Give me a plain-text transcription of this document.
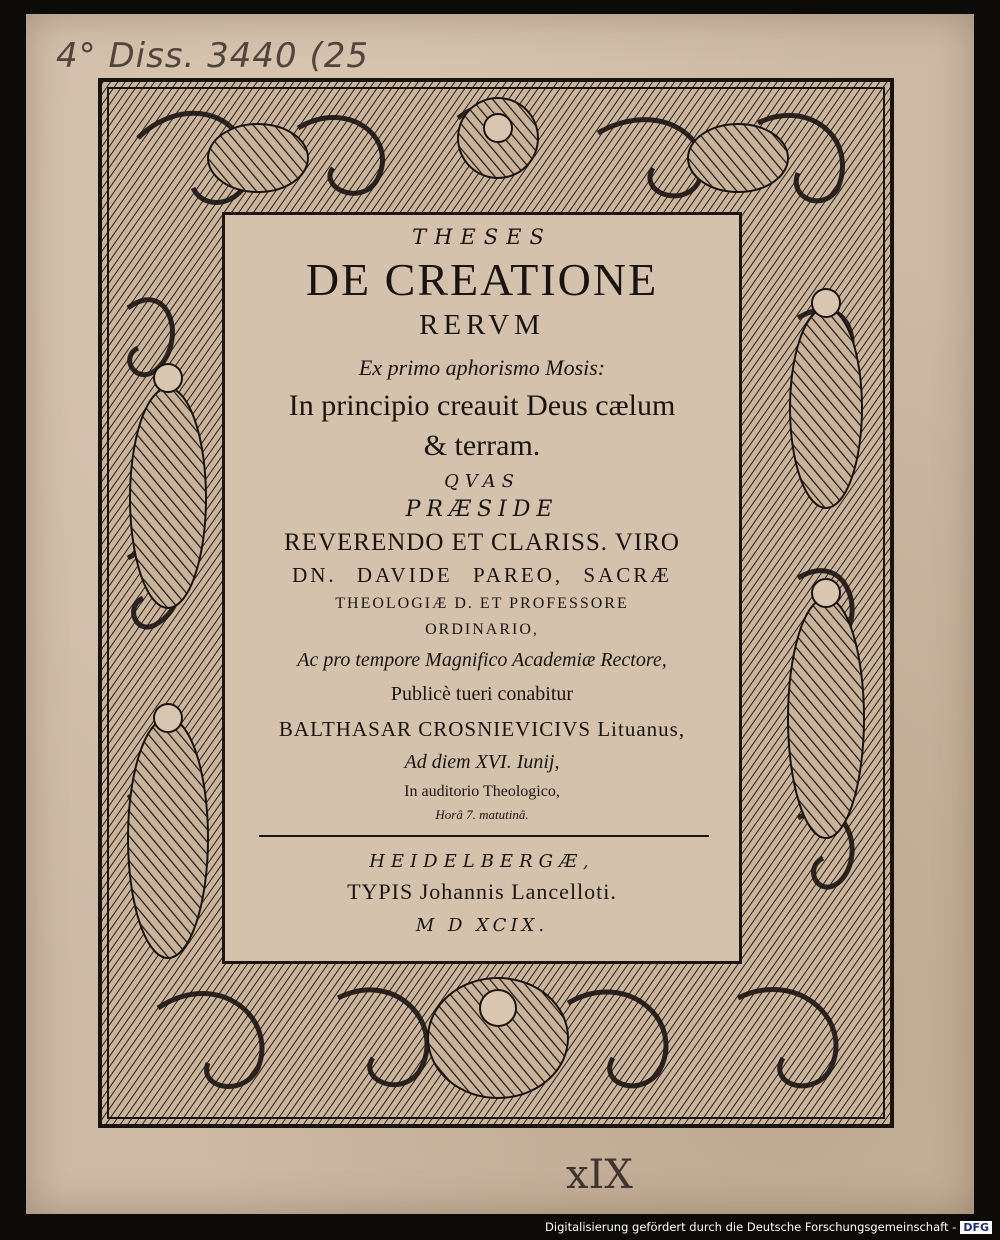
4° Diss. 3440 (25
THESES
DE CREATIONE
RERVM
Ex primo aphorismo Mosis:
In principio creauit Deus cælum
& terram.
QVAS
PRÆSIDE
REVERENDO ET CLARISS. VIRO
DN. DAVIDE PAREO, SACRÆ
THEOLOGIÆ D. ET PROFESSORE
ORDINARIO,
Ac pro tempore Magnifico Academiæ Rectore,
Publicè tueri conabitur
BALTHASAR CROSNIEVICIVS Lituanus,
Ad diem XVI. Iunij,
In auditorio Theologico,
Horâ 7. matutinâ.
HEIDELBERGÆ,
TYPIS Johannis Lancelloti.
M D XCIX.
xIX
Digitalisierung gefördert durch die Deutsche Forschungsgemeinschaft - DFG
